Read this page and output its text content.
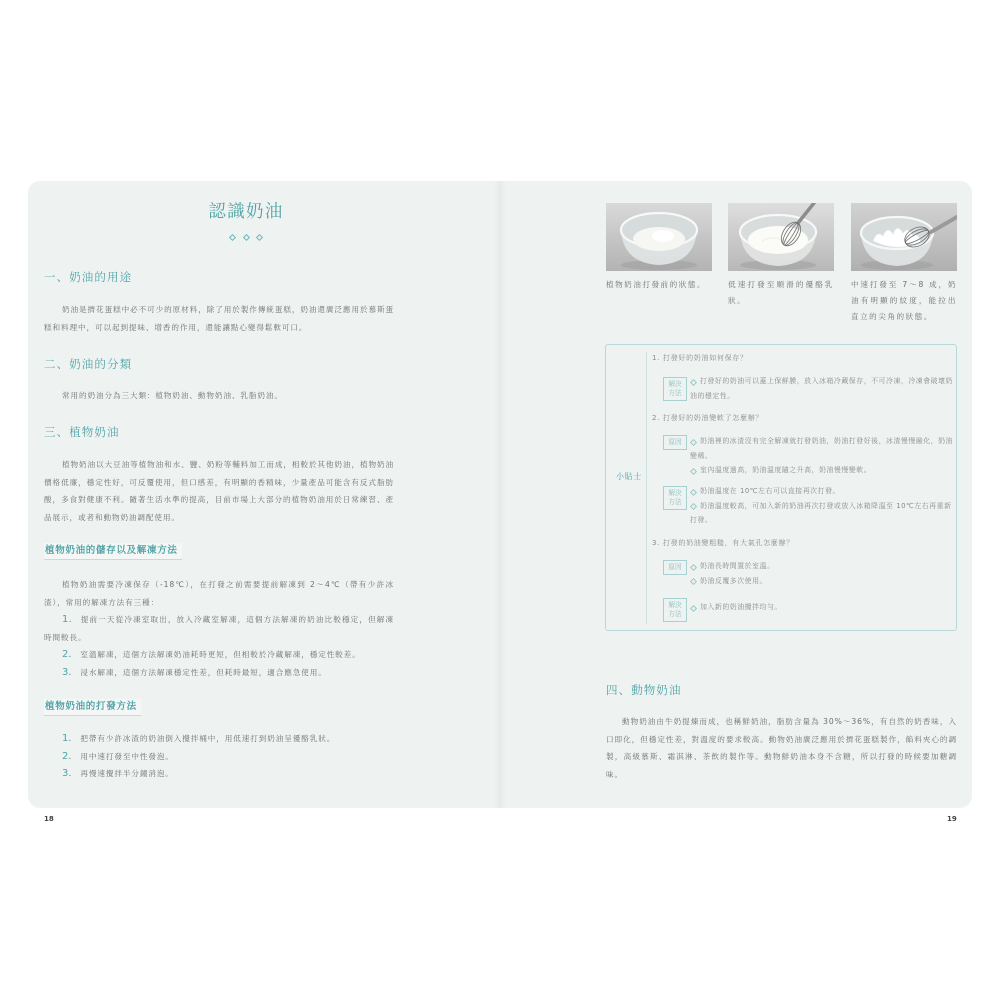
認識奶油
一、奶油的用途

奶油是擠花蛋糕中必不可少的原材料，除了用於製作傳統蛋糕，奶油還廣泛應用於慕斯蛋糕和料理中，可以起到提味、增香的作用，還能讓點心變得鬆軟可口。

二、奶油的分類

常用的奶油分為三大類：植物奶油、動物奶油、乳脂奶油。

三、植物奶油

植物奶油以大豆油等植物油和水、鹽、奶粉等輔料加工而成，相較於其他奶油，植物奶油價格低廉，穩定性好，可反覆使用，但口感差，有明顯的香精味，少量產品可能含有反式脂肪酸，多食對健康不利。隨著生活水準的提高，目前市場上大部分的植物奶油用於日常練習、產品展示，或者和動物奶油調配使用。

植物奶油的儲存以及解凍方法

植物奶油需要冷凍保存（-18℃），在打發之前需要提前解凍到 2～4℃（帶有少許冰渣），常用的解凍方法有三種：

1． 提前一天從冷凍室取出，放入冷藏室解凍，這個方法解凍的奶油比較穩定，但解凍時間較長。

2． 室溫解凍，這個方法解凍奶油耗時更短，但相較於冷藏解凍，穩定性較差。

3． 浸水解凍，這個方法解凍穩定性差，但耗時最短，適合應急使用。

植物奶油的打發方法

1． 把帶有少許冰渣的奶油倒入攪拌桶中，用低速打到奶油呈優酪乳狀。

2． 用中速打發至中性發泡。

3． 再慢速攪拌半分鐘消泡。

18

植物奶油打發前的狀態。	低速打發至順滑的優酪乳狀。

中速打發至 7～8 成，奶油有明顯的紋度，能拉出直立的尖角的狀態。

小貼士
1. 打發好的奶油如何保存？
解決方法
打發好的奶油可以蓋上保鮮膜，放入冰箱冷藏保存，不可冷凍，冷凍會破壞奶油的穩定性。
2. 打發好的奶油變軟了怎麼辦？
原因	奶油裡的冰渣沒有完全解凍就打發奶油，奶油打發好後，冰渣慢慢融化，奶油變稀。
室內溫度過高，奶油溫度隨之升高，奶油慢慢變軟。
解決方法
奶油溫度在 10℃左右可以直接再次打發。
奶油溫度較高，可加入新的奶油再次打發或放入冰箱降溫至 10℃左右再重新打發。
3. 打發的奶油變粗糙，有大氣孔怎麼辦？
原因	奶油長時間置於室溫。
奶油反覆多次使用。
解決方法
加入新的奶油攪拌均勻。
四、動物奶油

動物奶油由牛奶提煉而成，也稱鮮奶油，脂肪含量為 30%～36%，有自然的奶香味，入口即化，但穩定性差，對溫度的要求較高。動物奶油廣泛應用於擠花蛋糕製作，餡料夾心的調製，高級慕斯、霜淇淋、茶飲的製作等。動物鮮奶油本身不含糖，所以打發的時候要加糖調味。

19
